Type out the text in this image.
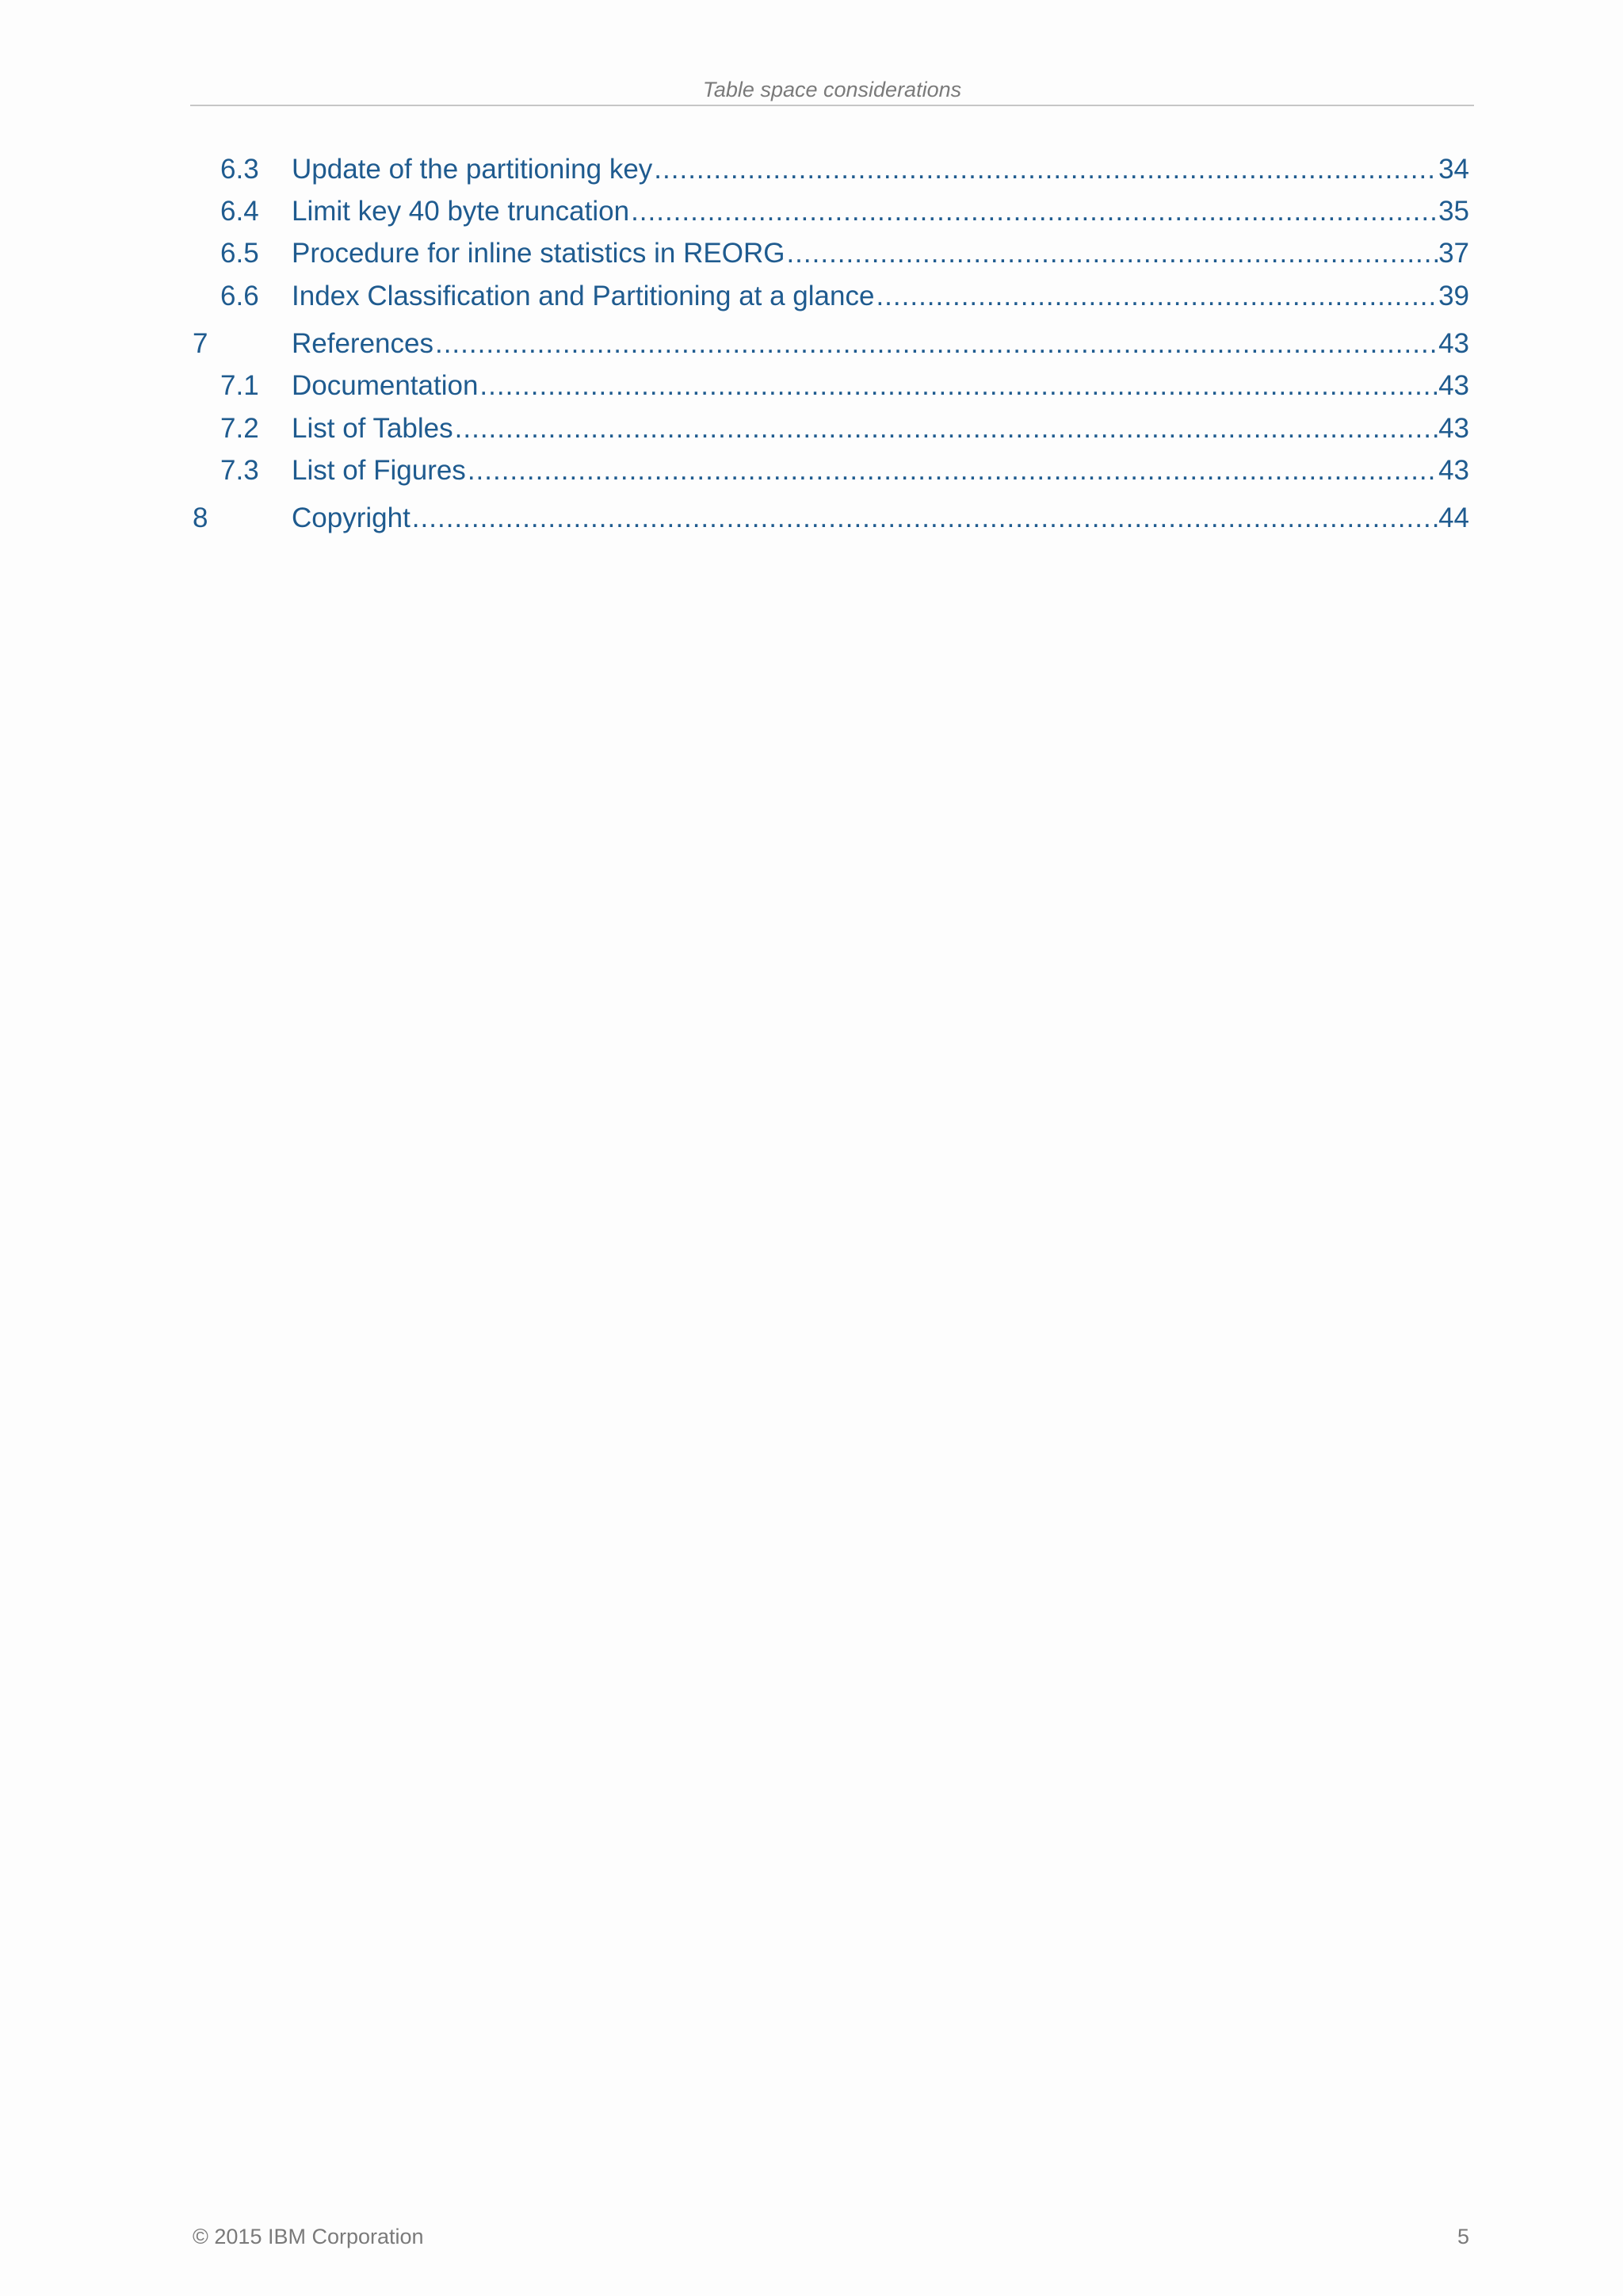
Table space considerations
6.3 Update of the partitioning key .....	34
6.4 Limit key 40 byte truncation .....	35
6.5 Procedure for inline statistics in REORG .....	37
6.6 Index Classification and Partitioning at a glance .....	39
7	References .....	43
7.1 Documentation .....	43
7.2 List of Tables .....	43
7.3 List of Figures .....	43
8	Copyright .....	44
© 2015 IBM Corporation	5
